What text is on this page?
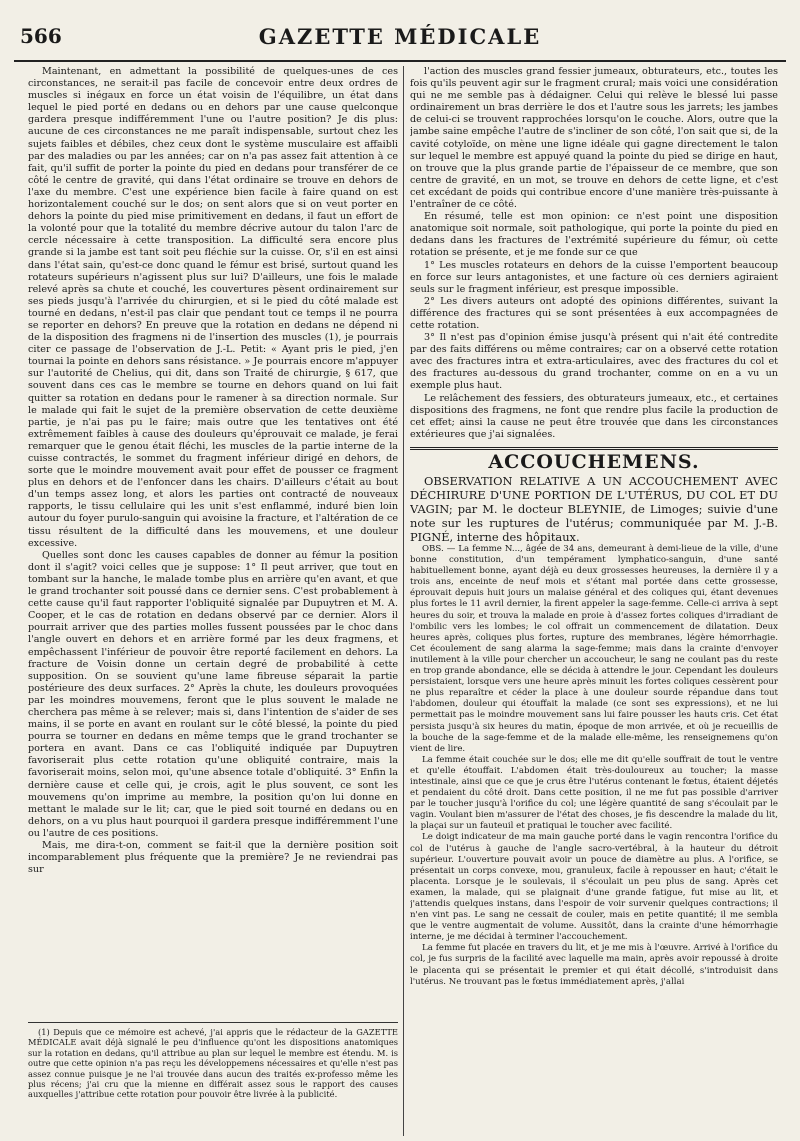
566	GAZETTE MÉDICALE

Maintenant, en admettant la possibilité de quelques-unes de ces circonstances, ne serait-il pas facile de concevoir entre deux ordres de muscles si inégaux en force un état voisin de l'équilibre, un état dans lequel le pied porté en dedans ou en dehors par une cause quelconque gardera presque indifféremment l'une ou l'autre position? Je dis plus: aucune de ces circonstances ne me paraît indispensable, surtout chez les sujets faibles et débiles, chez ceux dont le système musculaire est affaibli par des maladies ou par les années; car on n'a pas assez fait attention à ce fait, qu'il suffit de porter la pointe du pied en dedans pour transférer de ce côté le centre de gravité, qui dans l'état ordinaire se trouve en dehors de l'axe du membre. C'est une expérience bien facile à faire quand on est horizontalement couché sur le dos; on sent alors que si on veut porter en dehors la pointe du pied mise primitivement en dedans, il faut un effort de la volonté pour que la totalité du membre décrive autour du talon l'arc de cercle nécessaire à cette transposition. La difficulté sera encore plus grande si la jambe est tant soit peu fléchie sur la cuisse. Or, s'il en est ainsi dans l'état sain, qu'est-ce donc quand le fémur est brisé, surtout quand les rotateurs supérieurs n'agissent plus sur lui? D'ailleurs, une fois le malade relevé après sa chute et couché, les couvertures pèsent ordinairement sur ses pieds jusqu'à l'arrivée du chirurgien, et si le pied du côté malade est tourné en dedans, n'est-il pas clair que pendant tout ce temps il ne pourra se reporter en dehors? En preuve que la rotation en dedans ne dépend ni de la disposition des fragmens ni de l'insertion des muscles (1), je pourrais citer ce passage de l'observation de J.-L. Petit: « Ayant pris le pied, j'en tournai la pointe en dehors sans résistance. » Je pourrais encore m'appuyer sur l'autorité de Chelius, qui dit, dans son Traité de chirurgie, § 617, que souvent dans ces cas le membre se tourne en dehors quand on lui fait quitter sa rotation en dedans pour le ramener à sa direction normale. Sur le malade qui fait le sujet de la première observation de cette deuxième partie, je n'ai pas pu le faire; mais outre que les tentatives ont été extrêmement faibles à cause des douleurs qu'éprouvait ce malade, je ferai remarquer que le genou était fléchi, les muscles de la partie interne de la cuisse contractés, le sommet du fragment inférieur dirigé en dehors, de sorte que le moindre mouvement avait pour effet de pousser ce fragment plus en dehors et de l'enfoncer dans les chairs. D'ailleurs c'était au bout d'un temps assez long, et alors les parties ont contracté de nouveaux rapports, le tissu cellulaire qui les unit s'est enflammé, induré bien loin autour du foyer purulo-sanguin qui avoisine la fracture, et l'altération de ce tissu résultent de la difficulté dans les mouvemens, et une douleur excessive.

Quelles sont donc les causes capables de donner au fémur la position dont il s'agit? voici celles que je suppose: 1° Il peut arriver, que tout en tombant sur la hanche, le malade tombe plus en arrière qu'en avant, et que le grand trochanter soit poussé dans ce dernier sens. C'est probablement à cette cause qu'il faut rapporter l'obliquité signalée par Dupuytren et M. A. Cooper, et le cas de rotation en dedans observé par ce dernier. Alors il pourrait arriver que des parties molles fussent poussées par le choc dans l'angle ouvert en dehors et en arrière formé par les deux fragmens, et empêchassent l'inférieur de pouvoir être reporté facilement en dehors. La fracture de Voisin donne un certain degré de probabilité à cette supposition. On se souvient qu'une lame fibreuse séparait la partie postérieure des deux surfaces. 2° Après la chute, les douleurs provoquées par les moindres mouvemens, feront que le plus souvent le malade ne cherchera pas même à se relever; mais si, dans l'intention de s'aider de ses mains, il se porte en avant en roulant sur le côté blessé, la pointe du pied pourra se tourner en dedans en même temps que le grand trochanter se portera en avant. Dans ce cas l'obliquité indiquée par Dupuytren favoriserait plus cette rotation qu'une obliquité contraire, mais la favoriserait moins, selon moi, qu'une absence totale d'obliquité. 3° Enfin la dernière cause et celle qui, je crois, agit le plus souvent, ce sont les mouvemens qu'on imprime au membre, la position qu'on lui donne en mettant le malade sur le lit; car, que le pied soit tourné en dedans ou en dehors, on a vu plus haut pourquoi il gardera presque indifféremment l'une ou l'autre de ces positions.

Mais, me dira-t-on, comment se fait-il que la dernière position soit incomparablement plus fréquente que la première? Je ne reviendrai pas sur

(1) Depuis que ce mémoire est achevé, j'ai appris que le rédacteur de la GAZETTE MÉDICALE avait déjà signalé le peu d'influence qu'ont les dispositions anatomiques sur la rotation en dedans, qu'il attribue au plan sur lequel le membre est étendu. M. is outre que cette opinion n'a pas reçu les développemens nécessaires et qu'elle n'est pas assez connue puisque je ne l'ai trouvée dans aucun des traités ex-professo même les plus récens; j'ai cru que la mienne en différait assez sous le rapport des causes auxquelles j'attribue cette rotation pour pouvoir être livrée à la publicité.

l'action des muscles grand fessier jumeaux, obturateurs, etc., toutes les fois qu'ils peuvent agir sur le fragment crural; mais voici une considération qui ne me semble pas à dédaigner. Celui qui relève le blessé lui passe ordinairement un bras derrière le dos et l'autre sous les jarrets; les jambes de celui-ci se trouvent rapprochées lorsqu'on le couche. Alors, outre que la jambe saine empêche l'autre de s'incliner de son côté, l'on sait que si, de la cavité cotyloïde, on mène une ligne idéale qui gagne directement le talon sur lequel le membre est appuyé quand la pointe du pied se dirige en haut, on trouve que la plus grande partie de l'épaisseur de ce membre, que son centre de gravité, en un mot, se trouve en dehors de cette ligne, et c'est cet excédant de poids qui contribue encore d'une manière très-puissante à l'entraîner de ce côté.

En résumé, telle est mon opinion: ce n'est point une disposition anatomique soit normale, soit pathologique, qui porte la pointe du pied en dedans dans les fractures de l'extrémité supérieure du fémur, où cette rotation se présente, et je me fonde sur ce que

1° Les muscles rotateurs en dehors de la cuisse l'emportent beaucoup en force sur leurs antagonistes, et une facture où ces derniers agiraient seuls sur le fragment inférieur, est presque impossible.

2° Les divers auteurs ont adopté des opinions différentes, suivant la différence des fractures qui se sont présentées à eux accompagnées de cette rotation.

3° Il n'est pas d'opinion émise jusqu'à présent qui n'ait été contredite par des faits différens ou même contraires; car on a observé cette rotation avec des fractures intra et extra-articulaires, avec des fractures du col et des fractures au-dessous du grand trochanter, comme on en a vu un exemple plus haut.

Le relâchement des fessiers, des obturateurs jumeaux, etc., et certaines dispositions des fragmens, ne font que rendre plus facile la production de cet effet; ainsi la cause ne peut être trouvée que dans les circonstances extérieures que j'ai signalées.

ACCOUCHEMENS.

OBSERVATION RELATIVE A UN ACCOUCHEMENT AVEC DÉCHIRURE D'UNE PORTION DE L'UTÉRUS, DU COL ET DU VAGIN; par M. le docteur BLEYNIE, de Limoges; suivie d'une note sur les ruptures de l'utérus; communiquée par M. J.-B. PIGNÉ, interne des hôpitaux.

OBS. — La femme N..., âgée de 34 ans, demeurant à demi-lieue de la ville, d'une bonne constitution, d'un tempérament lymphatico-sanguin, d'une santé habituellement bonne, ayant déjà eu deux grossesses heureuses, la dernière il y a trois ans, enceinte de neuf mois et s'étant mal portée dans cette grossesse, éprouvait depuis huit jours un malaise général et des coliques qui, étant devenues plus fortes le 11 avril dernier, la firent appeler la sage-femme. Celle-ci arriva à sept heures du soir, et trouva la malade en proie à d'assez fortes coliques d'irradiant de l'ombilic vers les lombes; le col offrait un commencement de dilatation. Deux heures après, coliques plus fortes, rupture des membranes, légère hémorrhagie. Cet écoulement de sang alarma la sage-femme; mais dans la crainte d'envoyer inutilement à la ville pour chercher un accoucheur, le sang ne coulant pas du reste en trop grande abondance, elle se décida à attendre le jour. Cependant les douleurs persistaient, lorsque vers une heure après minuit les fortes coliques cessèrent pour ne plus reparaître et céder la place à une douleur sourde répandue dans tout l'abdomen, douleur qui étouffait la malade (ce sont ses expressions), et ne lui permettait pas le moindre mouvement sans lui faire pousser les hauts cris. Cet état persista jusqu'à six heures du matin, époque de mon arrivée, et où je recueillis de la bouche de la sage-femme et de la malade elle-même, les renseignemens qu'on vient de lire.

La femme était couchée sur le dos; elle me dit qu'elle souffrait de tout le ventre et qu'elle étouffait. L'abdomen était très-douloureux au toucher; la masse intestinale, ainsi que ce que je crus être l'utérus contenant le fœtus, étaient déjetés et pendaient du côté droit. Dans cette position, il ne me fut pas possible d'arriver par le toucher jusqu'à l'orifice du col; une légère quantité de sang s'écoulait par le vagin. Voulant bien m'assurer de l'état des choses, je fis descendre la malade du lit, la plaçai sur un fauteuil et pratiquai le toucher avec facilité.

Le doigt indicateur de ma main gauche porté dans le vagin rencontra l'orifice du col de l'utérus à gauche de l'angle sacro-vertébral, à la hauteur du détroit supérieur. L'ouverture pouvait avoir un pouce de diamètre au plus. A l'orifice, se présentait un corps convexe, mou, granuleux, facile à repousser en haut; c'était le placenta. Lorsque je le soulevais, il s'écoulait un peu plus de sang. Après cet examen, la malade, qui se plaignait d'une grande fatigue, fut mise au lit, et j'attendis quelques instans, dans l'espoir de voir survenir quelques contractions; il n'en vint pas. Le sang ne cessait de couler, mais en petite quantité; il me sembla que le ventre augmentait de volume. Aussitôt, dans la crainte d'une hémorrhagie interne, je me décidai à terminer l'accouchement.

La femme fut placée en travers du lit, et je me mis à l'œuvre. Arrivé à l'orifice du col, je fus surpris de la facilité avec laquelle ma main, après avoir repoussé à droite le placenta qui se présentait le premier et qui était décollé, s'introduisit dans l'utérus. Ne trouvant pas le fœtus immédiatement après, j'allai
